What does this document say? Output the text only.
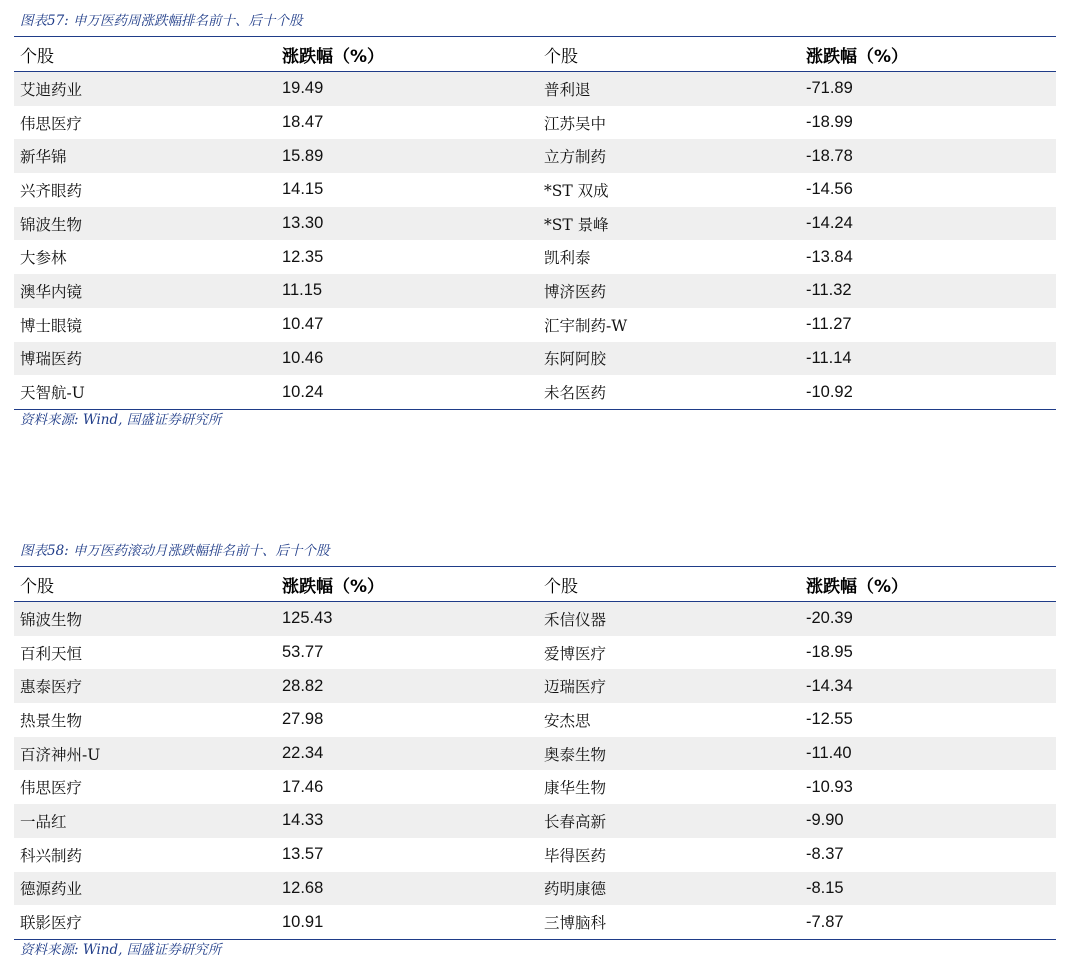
图表57: 申万医药周涨跌幅排名前十、后十个股
个股	涨跌幅（%）	个股	涨跌幅（%）
艾迪药业	19.49	普利退	-71.89
伟思医疗	18.47	江苏吴中	-18.99
新华锦	15.89	立方制药	-18.78
兴齐眼药	14.15	*ST 双成	-14.56
锦波生物	13.30	*ST 景峰	-14.24
大参林	12.35	凯利泰	-13.84
澳华内镜	11.15	博济医药	-11.32
博士眼镜	10.47	汇宇制药-W	-11.27
博瑞医药	10.46	东阿阿胶	-11.14
天智航-U	10.24	未名医药	-10.92
资料来源: Wind, 国盛证券研究所
图表58: 申万医药滚动月涨跌幅排名前十、后十个股
个股	涨跌幅（%）	个股	涨跌幅（%）
锦波生物	125.43	禾信仪器	-20.39
百利天恒	53.77	爱博医疗	-18.95
惠泰医疗	28.82	迈瑞医疗	-14.34
热景生物	27.98	安杰思	-12.55
百济神州-U	22.34	奥泰生物	-11.40
伟思医疗	17.46	康华生物	-10.93
一品红	14.33	长春高新	-9.90
科兴制药	13.57	毕得医药	-8.37
德源药业	12.68	药明康德	-8.15
联影医疗	10.91	三博脑科	-7.87
资料来源: Wind, 国盛证券研究所
